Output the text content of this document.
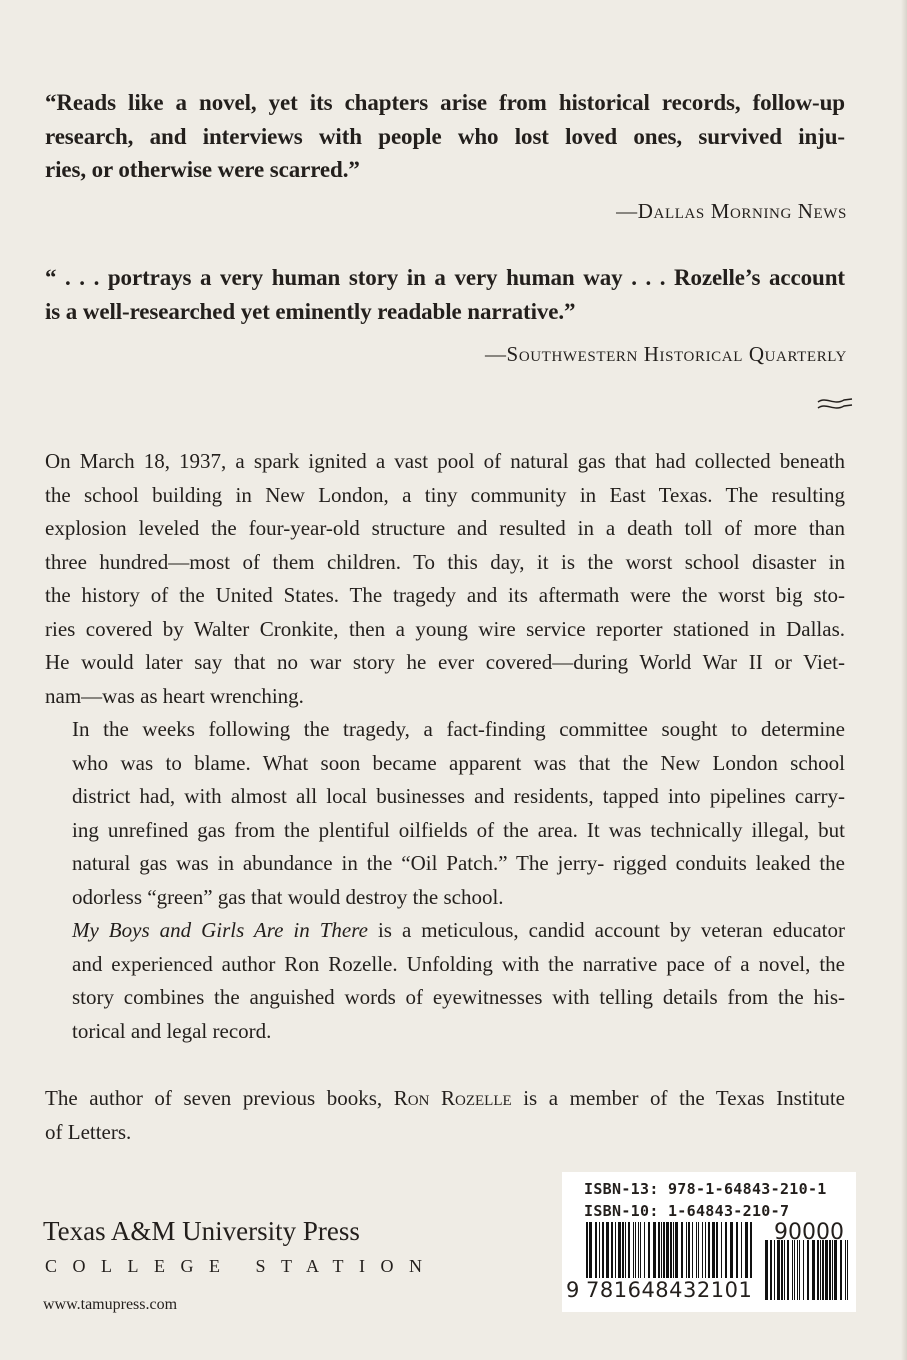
“Reads like a novel, yet its chapters arise from historical records, follow-up
research, and interviews with people who lost loved ones, survived inju-
ries, or otherwise were scarred.”
—Dallas Morning News
“ . . . portrays a very human story in a very human way . . . Rozelle’s account
is a well-researched yet eminently readable narrative.”
—Southwestern Historical Quarterly
On March 18, 1937, a spark ignited a vast pool of natural gas that had collected beneath
the school building in New London, a tiny community in East Texas. The resulting
explosion leveled the four-year-old structure and resulted in a death toll of more than
three hundred—most of them children. To this day, it is the worst school disaster in
the history of the United States. The tragedy and its aftermath were the worst big sto-
ries covered by Walter Cronkite, then a young wire service reporter stationed in Dallas.
He would later say that no war story he ever covered—during World War II or Viet-
nam—was as heart wrenching.
In the weeks following the tragedy, a fact-finding committee sought to determine
who was to blame. What soon became apparent was that the New London school
district had, with almost all local businesses and residents, tapped into pipelines carry-
ing unrefined gas from the plentiful oilfields of the area. It was technically illegal, but
natural gas was in abundance in the “Oil Patch.” The jerry- rigged conduits leaked the
odorless “green” gas that would destroy the school.
My Boys and Girls Are in There is a meticulous, candid account by veteran educator
and experienced author Ron Rozelle. Unfolding with the narrative pace of a novel, the
story combines the anguished words of eyewitnesses with telling details from the his-
torical and legal record.
The author of seven previous books, Ron Rozelle is a member of the Texas Institute
of Letters.
Texas A&M University Press
COLLEGE STATION
www.tamupress.com
ISBN-13: 978-1-64843-210-1
ISBN-10: 1-64843-210-7
9 781648432101
90000
